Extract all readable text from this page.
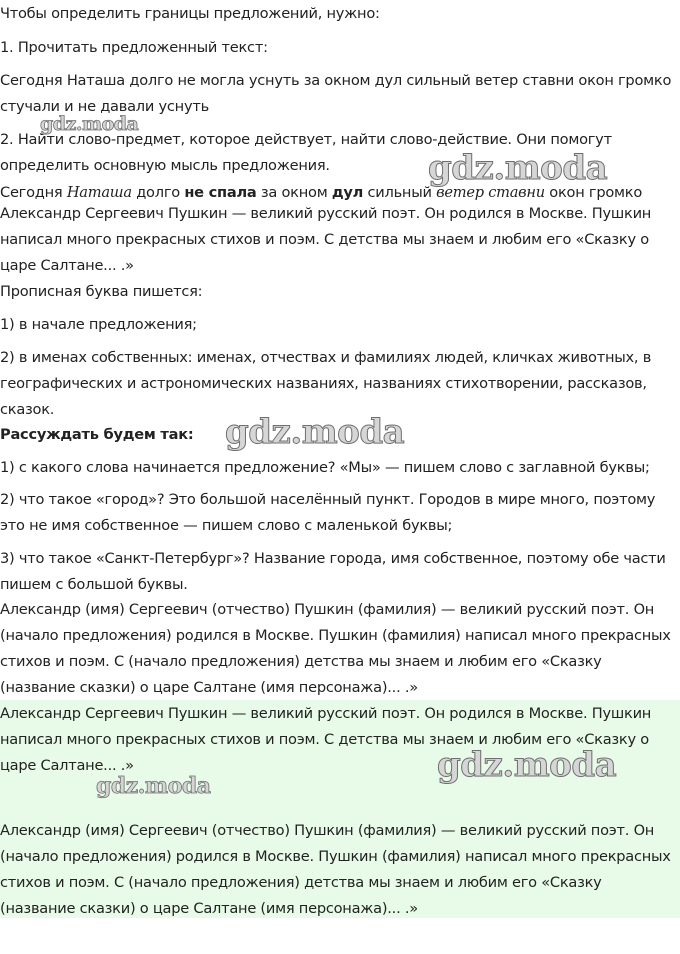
Чтобы определить границы предложений, нужно:

1. Прочитать предложенный текст:

Сегодня Наташа долго не могла уснуть за окном дул сильный ветер ставни окон громко

стучали и не давали уснуть

2. Найти слово-предмет, которое действует, найти слово-действие. Они помогут

определить основную мысль предложения.

Сегодня Наташа долго не спала за окном дул сильный ветер ставни окон громко

Александр Сергеевич Пушкин — великий русский поэт. Он родился в Москве. Пушкин

написал много прекрасных стихов и поэм. С детства мы знаем и любим его «Сказку о

царе Салтане... .»

Прописная буква пишется:

1) в начале предложения;

2) в именах собственных: именах, отчествах и фамилиях людей, кличках животных, в

географических и астрономических названиях, названиях стихотворении, рассказов,

сказок.

Рассуждать будем так:

1) с какого слова начинается предложение? «Мы» — пишем слово с заглавной буквы;

2) что такое «город»? Это большой населённый пункт. Городов в мире много, поэтому

это не имя собственное — пишем слово с маленькой буквы;

3) что такое «Санкт-Петербург»? Название города, имя собственное, поэтому обе части

пишем с большой буквы.

Александр (имя) Сергеевич (отчество) Пушкин (фамилия) — великий русский поэт. Он

(начало предложения) родился в Москве. Пушкин (фамилия) написал много прекрасных

стихов и поэм. С (начало предложения) детства мы знаем и любим его «Сказку

(название сказки) о царе Салтане (имя персонажа)... .»

Александр Сергеевич Пушкин — великий русский поэт. Он родился в Москве. Пушкин

написал много прекрасных стихов и поэм. С детства мы знаем и любим его «Сказку о

царе Салтане... .»

Александр (имя) Сергеевич (отчество) Пушкин (фамилия) — великий русский поэт. Он

(начало предложения) родился в Москве. Пушкин (фамилия) написал много прекрасных

стихов и поэм. С (начало предложения) детства мы знаем и любим его «Сказку

(название сказки) о царе Салтане (имя персонажа)... .»

gdz.moda

gdz.moda

gdz.moda

gdz.moda

gdz.moda
